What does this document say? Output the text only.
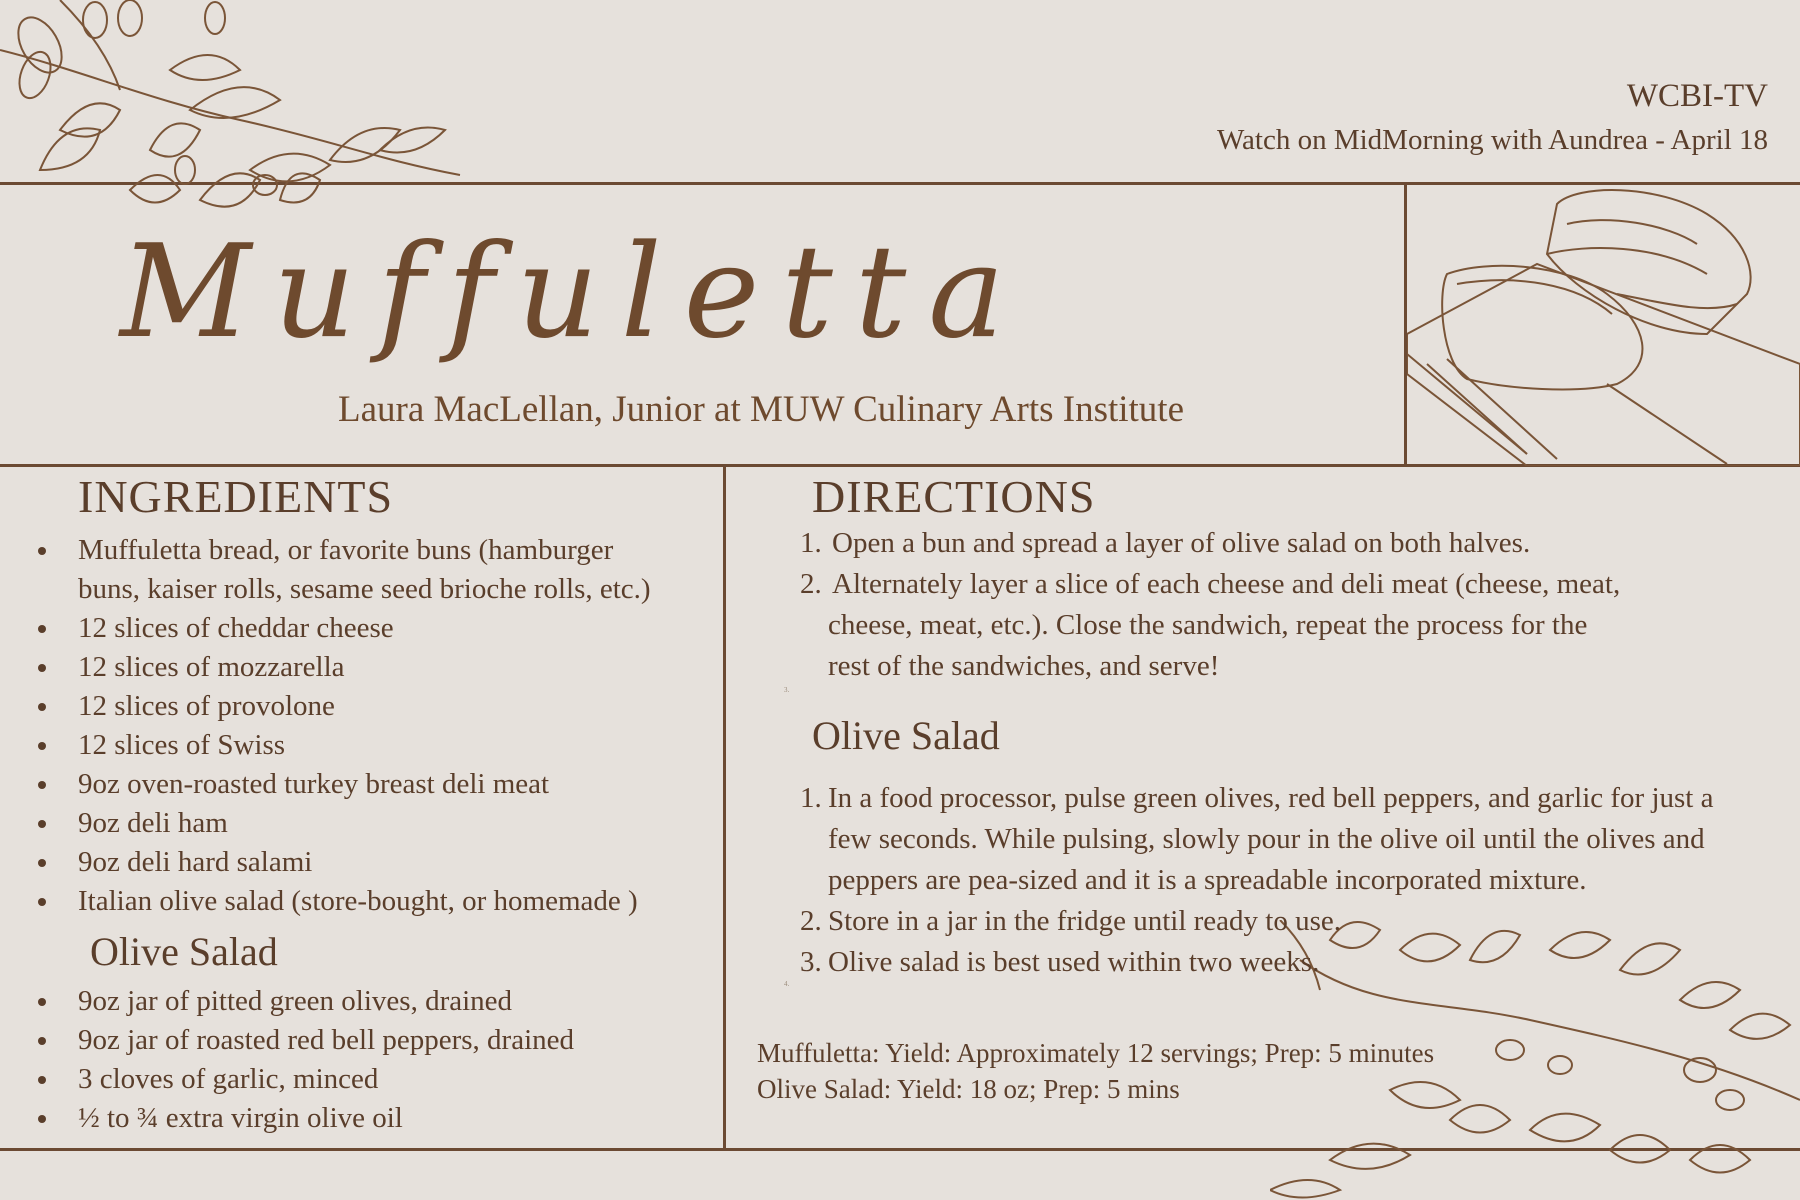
WCBI-TV
Watch on MidMorning with Aundrea - April 18
Muffuletta
Laura MacLellan, Junior at MUW Culinary Arts Institute
INGREDIENTS
Muffuletta bread, or favorite buns (hamburger
buns, kaiser rolls, sesame seed brioche rolls, etc.)
12 slices of cheddar cheese
12 slices of mozzarella
12 slices of provolone
12 slices of Swiss
9oz oven-roasted turkey breast deli meat
9oz deli ham
9oz deli hard salami
Italian olive salad (store-bought, or homemade )
Olive Salad
9oz jar of pitted green olives, drained
9oz jar of roasted red bell peppers, drained
3 cloves of garlic, minced
½ to ¾ extra virgin olive oil
DIRECTIONS
1. Open a bun and spread a layer of olive salad on both halves.
2. Alternately layer a slice of each cheese and deli meat (cheese, meat,
cheese, meat, etc.). Close the sandwich, repeat the process for the
rest of the sandwiches, and serve!
3.
Olive Salad
1. In a food processor, pulse green olives, red bell peppers, and garlic for just a
few seconds. While pulsing, slowly pour in the olive oil until the olives and
peppers are pea-sized and it is a spreadable incorporated mixture.
2. Store in a jar in the fridge until ready to use.
3. Olive salad is best used within two weeks.
4.
Muffuletta: Yield: Approximately 12 servings; Prep: 5 minutes
Olive Salad: Yield: 18 oz; Prep: 5 mins
